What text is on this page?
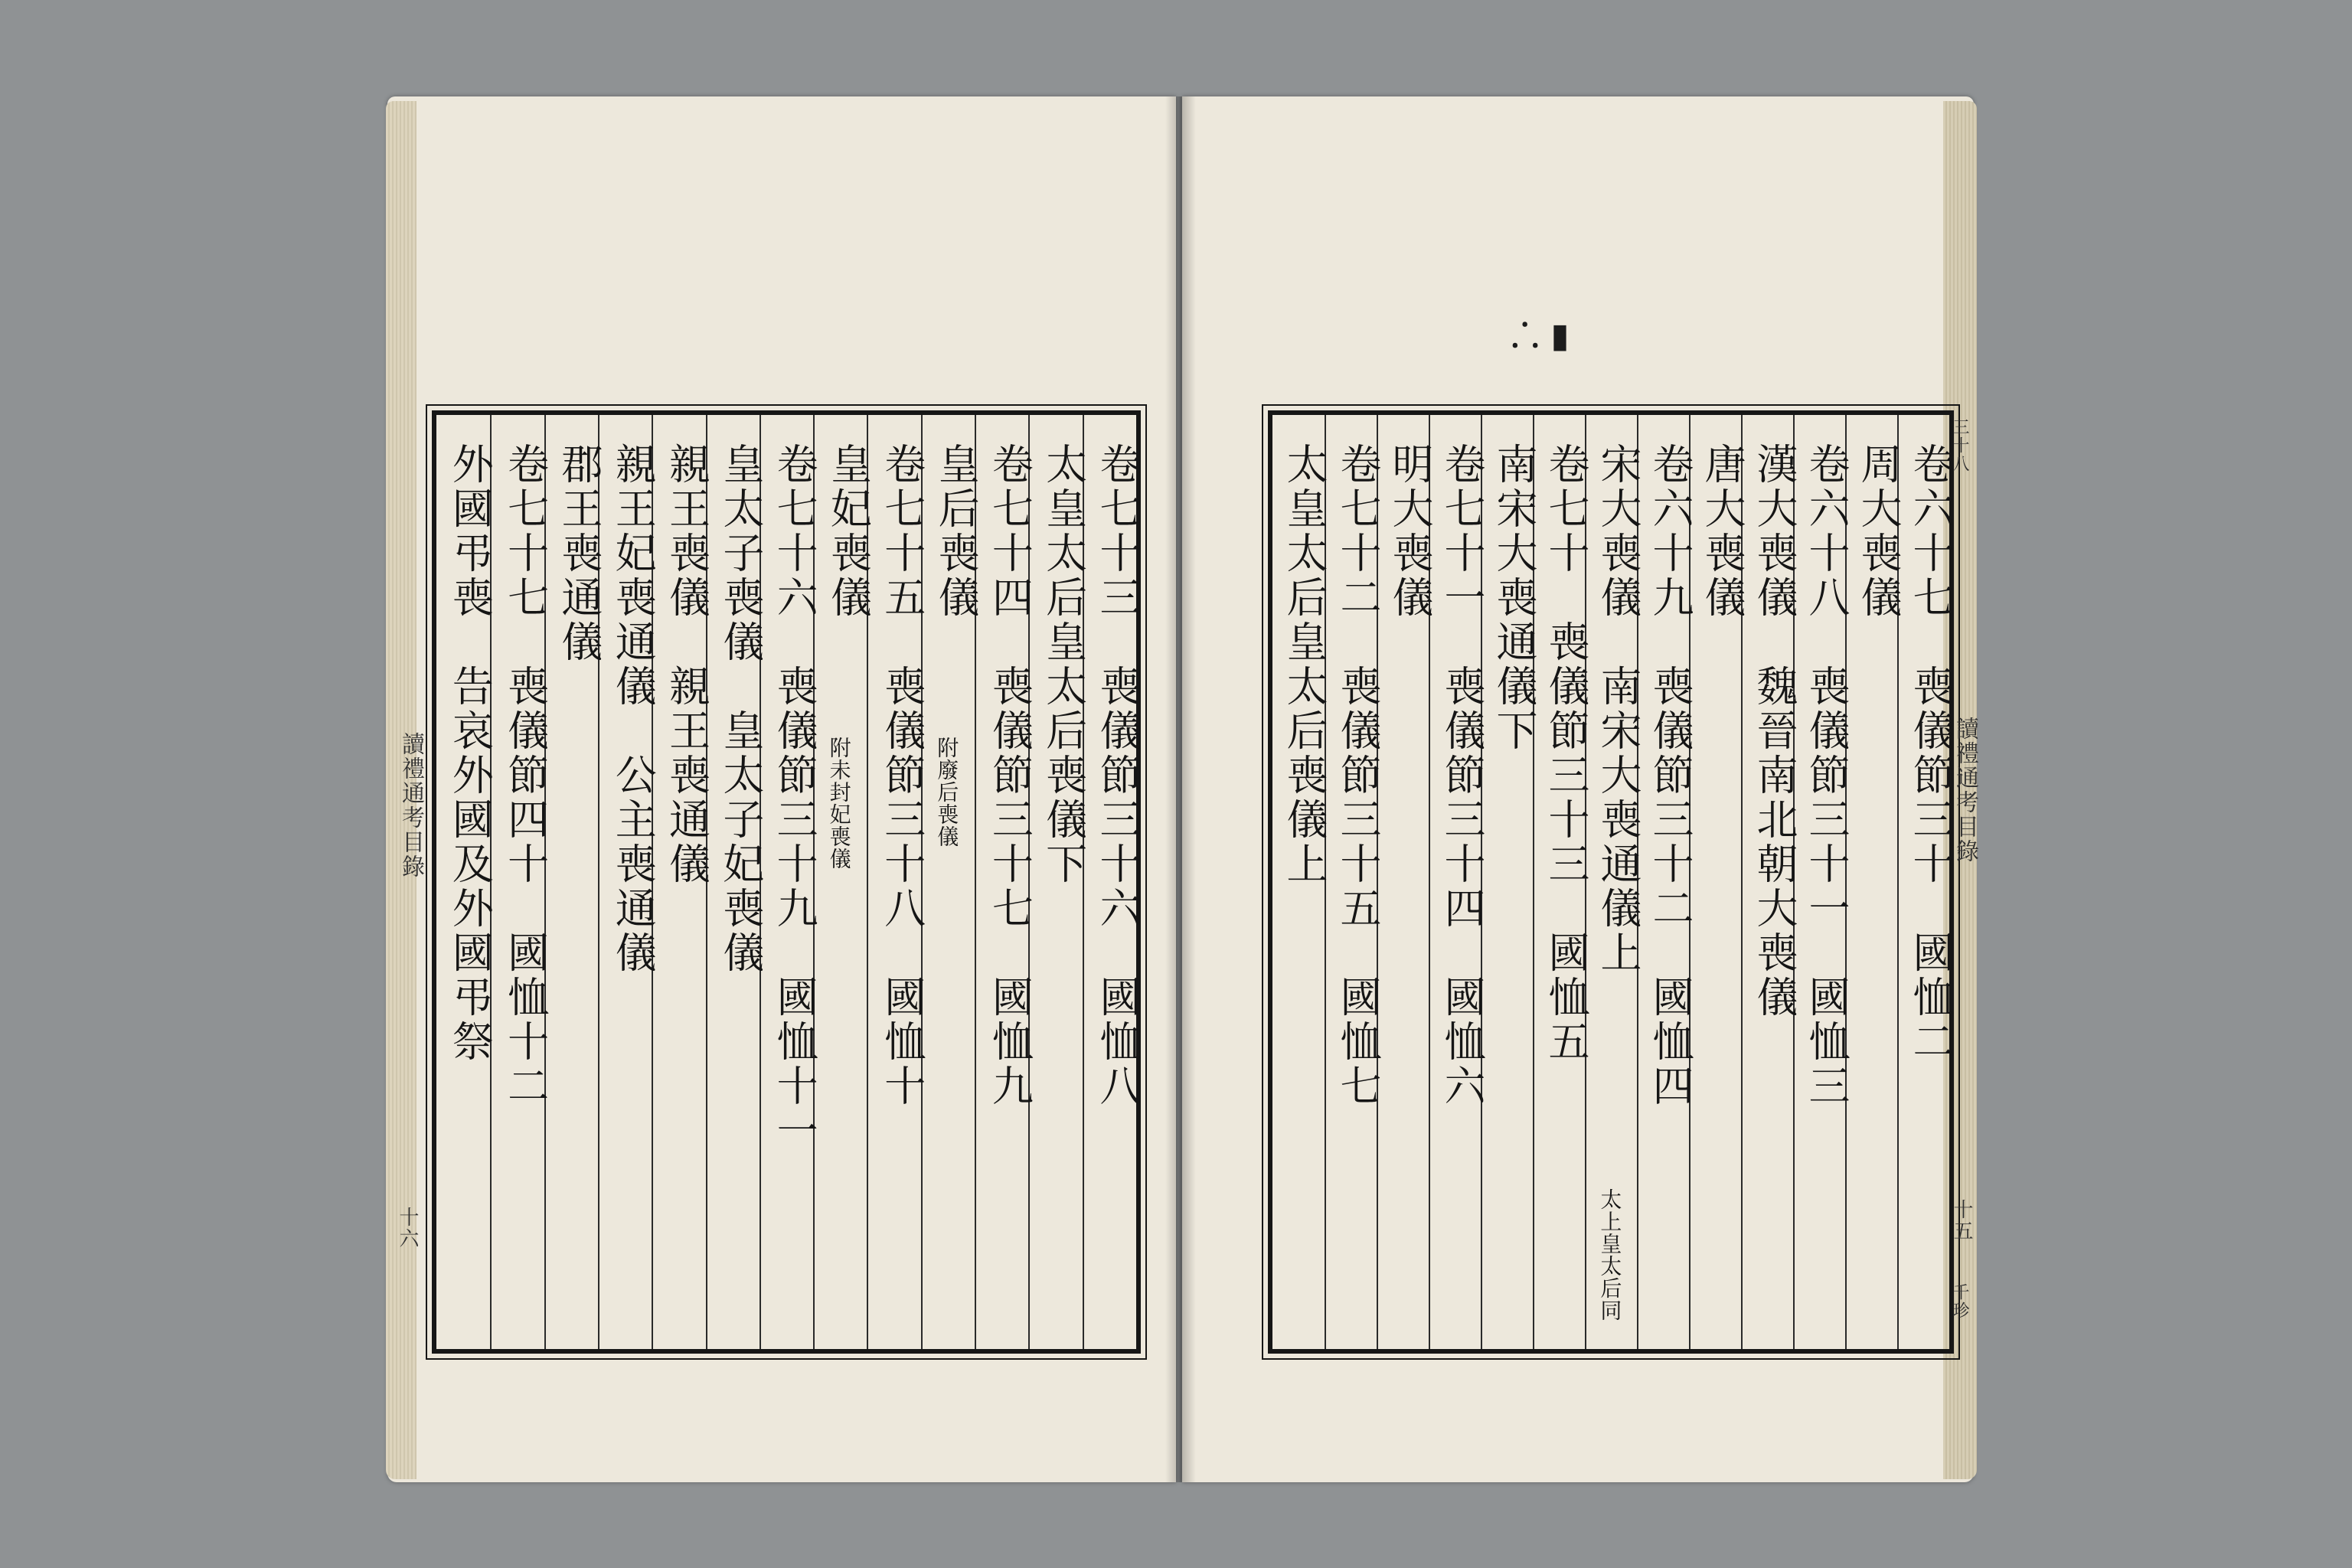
卷七十三　喪儀節三十六　國恤八
太皇太后皇太后喪儀下
卷七十四　喪儀節三十七　國恤九
皇后喪儀
附廢后喪儀
卷七十五　喪儀節三十八　國恤十
皇妃喪儀
附未封妃喪儀
卷七十六　喪儀節三十九　國恤十一
皇太子喪儀　皇太子妃喪儀
親王喪儀　親王喪通儀
親王妃喪通儀　公主喪通儀
郡王喪通儀
卷七十七　喪儀節四十　國恤十二
外國弔喪　告哀外國及外國弔祭
讀禮通考目錄
十六
⸫ ▮
卷六十七　喪儀節三十　國恤二
周大喪儀
卷六十八　喪儀節三十一　國恤三
漢大喪儀　魏晉南北朝大喪儀
唐大喪儀
卷六十九　喪儀節三十二　國恤四
宋大喪儀　南宋大喪通儀上
太上皇太后同
卷七十　喪儀節三十三　國恤五
南宋大喪通儀下
卷七十一　喪儀節三十四　國恤六
明大喪儀
卷七十二　喪儀節三十五　國恤七
太皇太后皇太后喪儀上	讀禮通考目錄
十五
三十八
千珍
